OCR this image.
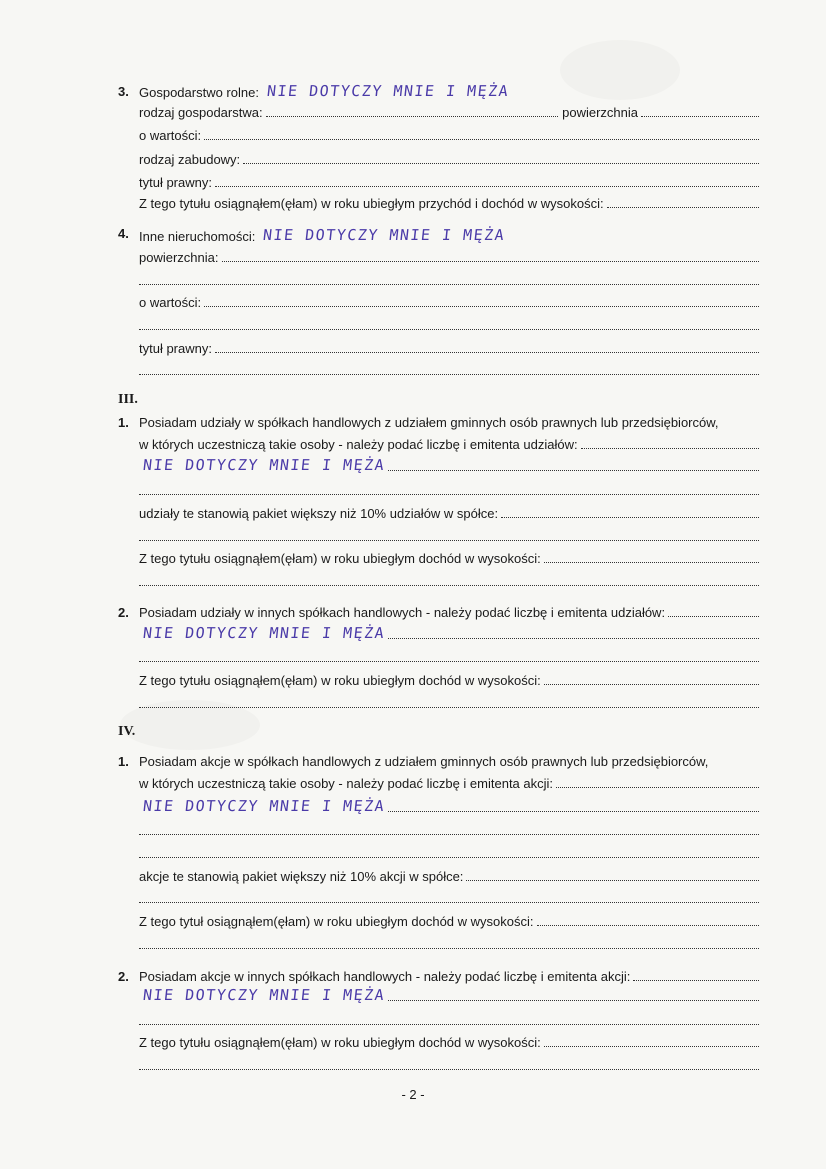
3. Gospodarstwo rolne: NIE DOTYCZY MNIE I MĘŻA
rodzaj gospodarstwa:	powierzchnia
o wartości:
rodzaj zabudowy:
tytuł prawny:
Z tego tytułu osiągnąłem(ęłam) w roku ubiegłym przychód i dochód w wysokości:
4. Inne nieruchomości: NIE DOTYCZY MNIE I MĘŻA
powierzchnia:
o wartości:
tytuł prawny:
III.
1. Posiadam udziały w spółkach handlowych z udziałem gminnych osób prawnych lub przedsiębiorców,
w których uczestniczą takie osoby - należy podać liczbę i emitenta udziałów:
NIE DOTYCZY MNIE I MĘŻA
udziały te stanowią pakiet większy niż 10% udziałów w spółce:
Z tego tytułu osiągnąłem(ęłam) w roku ubiegłym dochód w wysokości:
2. Posiadam udziały w innych spółkach handlowych - należy podać liczbę i emitenta udziałów:
NIE DOTYCZY MNIE I MĘŻA
Z tego tytułu osiągnąłem(ęłam) w roku ubiegłym dochód w wysokości:
IV.
1. Posiadam akcje w spółkach handlowych z udziałem gminnych osób prawnych lub przedsiębiorców,
w których uczestniczą takie osoby - należy podać liczbę i emitenta akcji:
NIE DOTYCZY MNIE I MĘŻA
akcje te stanowią pakiet większy niż 10% akcji w spółce:
Z tego tytuł osiągnąłem(ęłam) w roku ubiegłym dochód w wysokości:
2. Posiadam akcje w innych spółkach handlowych - należy podać liczbę i emitenta akcji:
NIE DOTYCZY MNIE I MĘŻA
Z tego tytułu osiągnąłem(ęłam) w roku ubiegłym dochód w wysokości:
- 2 -
